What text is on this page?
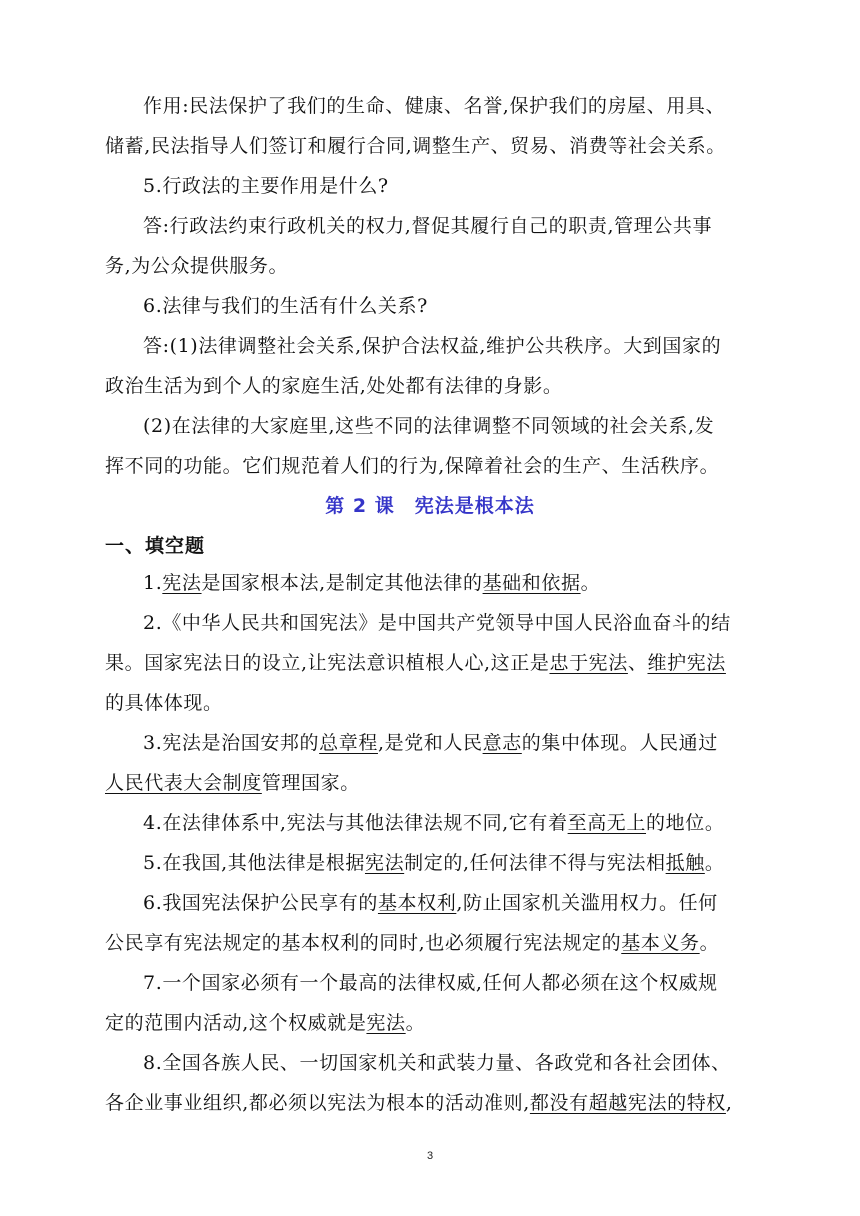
作用:民法保护了我们的生命、健康、名誉,保护我们的房屋、用具、
储蓄,民法指导人们签订和履行合同,调整生产、贸易、消费等社会关系。
5.行政法的主要作用是什么?
答:行政法约束行政机关的权力,督促其履行自己的职责,管理公共事
务,为公众提供服务。
6.法律与我们的生活有什么关系?
答:(1)法律调整社会关系,保护合法权益,维护公共秩序。大到国家的
政治生活为到个人的家庭生活,处处都有法律的身影。
(2)在法律的大家庭里,这些不同的法律调整不同领域的社会关系,发
挥不同的功能。它们规范着人们的行为,保障着社会的生产、生活秩序。
第 2 课　宪法是根本法
一、填空题
1.宪法是国家根本法,是制定其他法律的基础和依据。
2.《中华人民共和国宪法》是中国共产党领导中国人民浴血奋斗的结
果。国家宪法日的设立,让宪法意识植根人心,这正是忠于宪法、维护宪法
的具体体现。
3.宪法是治国安邦的总章程,是党和人民意志的集中体现。人民通过
人民代表大会制度管理国家。
4.在法律体系中,宪法与其他法律法规不同,它有着至高无上的地位。
5.在我国,其他法律是根据宪法制定的,任何法律不得与宪法相抵触。
6.我国宪法保护公民享有的基本权利,防止国家机关滥用权力。任何
公民享有宪法规定的基本权利的同时,也必须履行宪法规定的基本义务。
7.一个国家必须有一个最高的法律权威,任何人都必须在这个权威规
定的范围内活动,这个权威就是宪法。
8.全国各族人民、一切国家机关和武装力量、各政党和各社会团体、
各企业事业组织,都必须以宪法为根本的活动准则,都没有超越宪法的特权,
3
